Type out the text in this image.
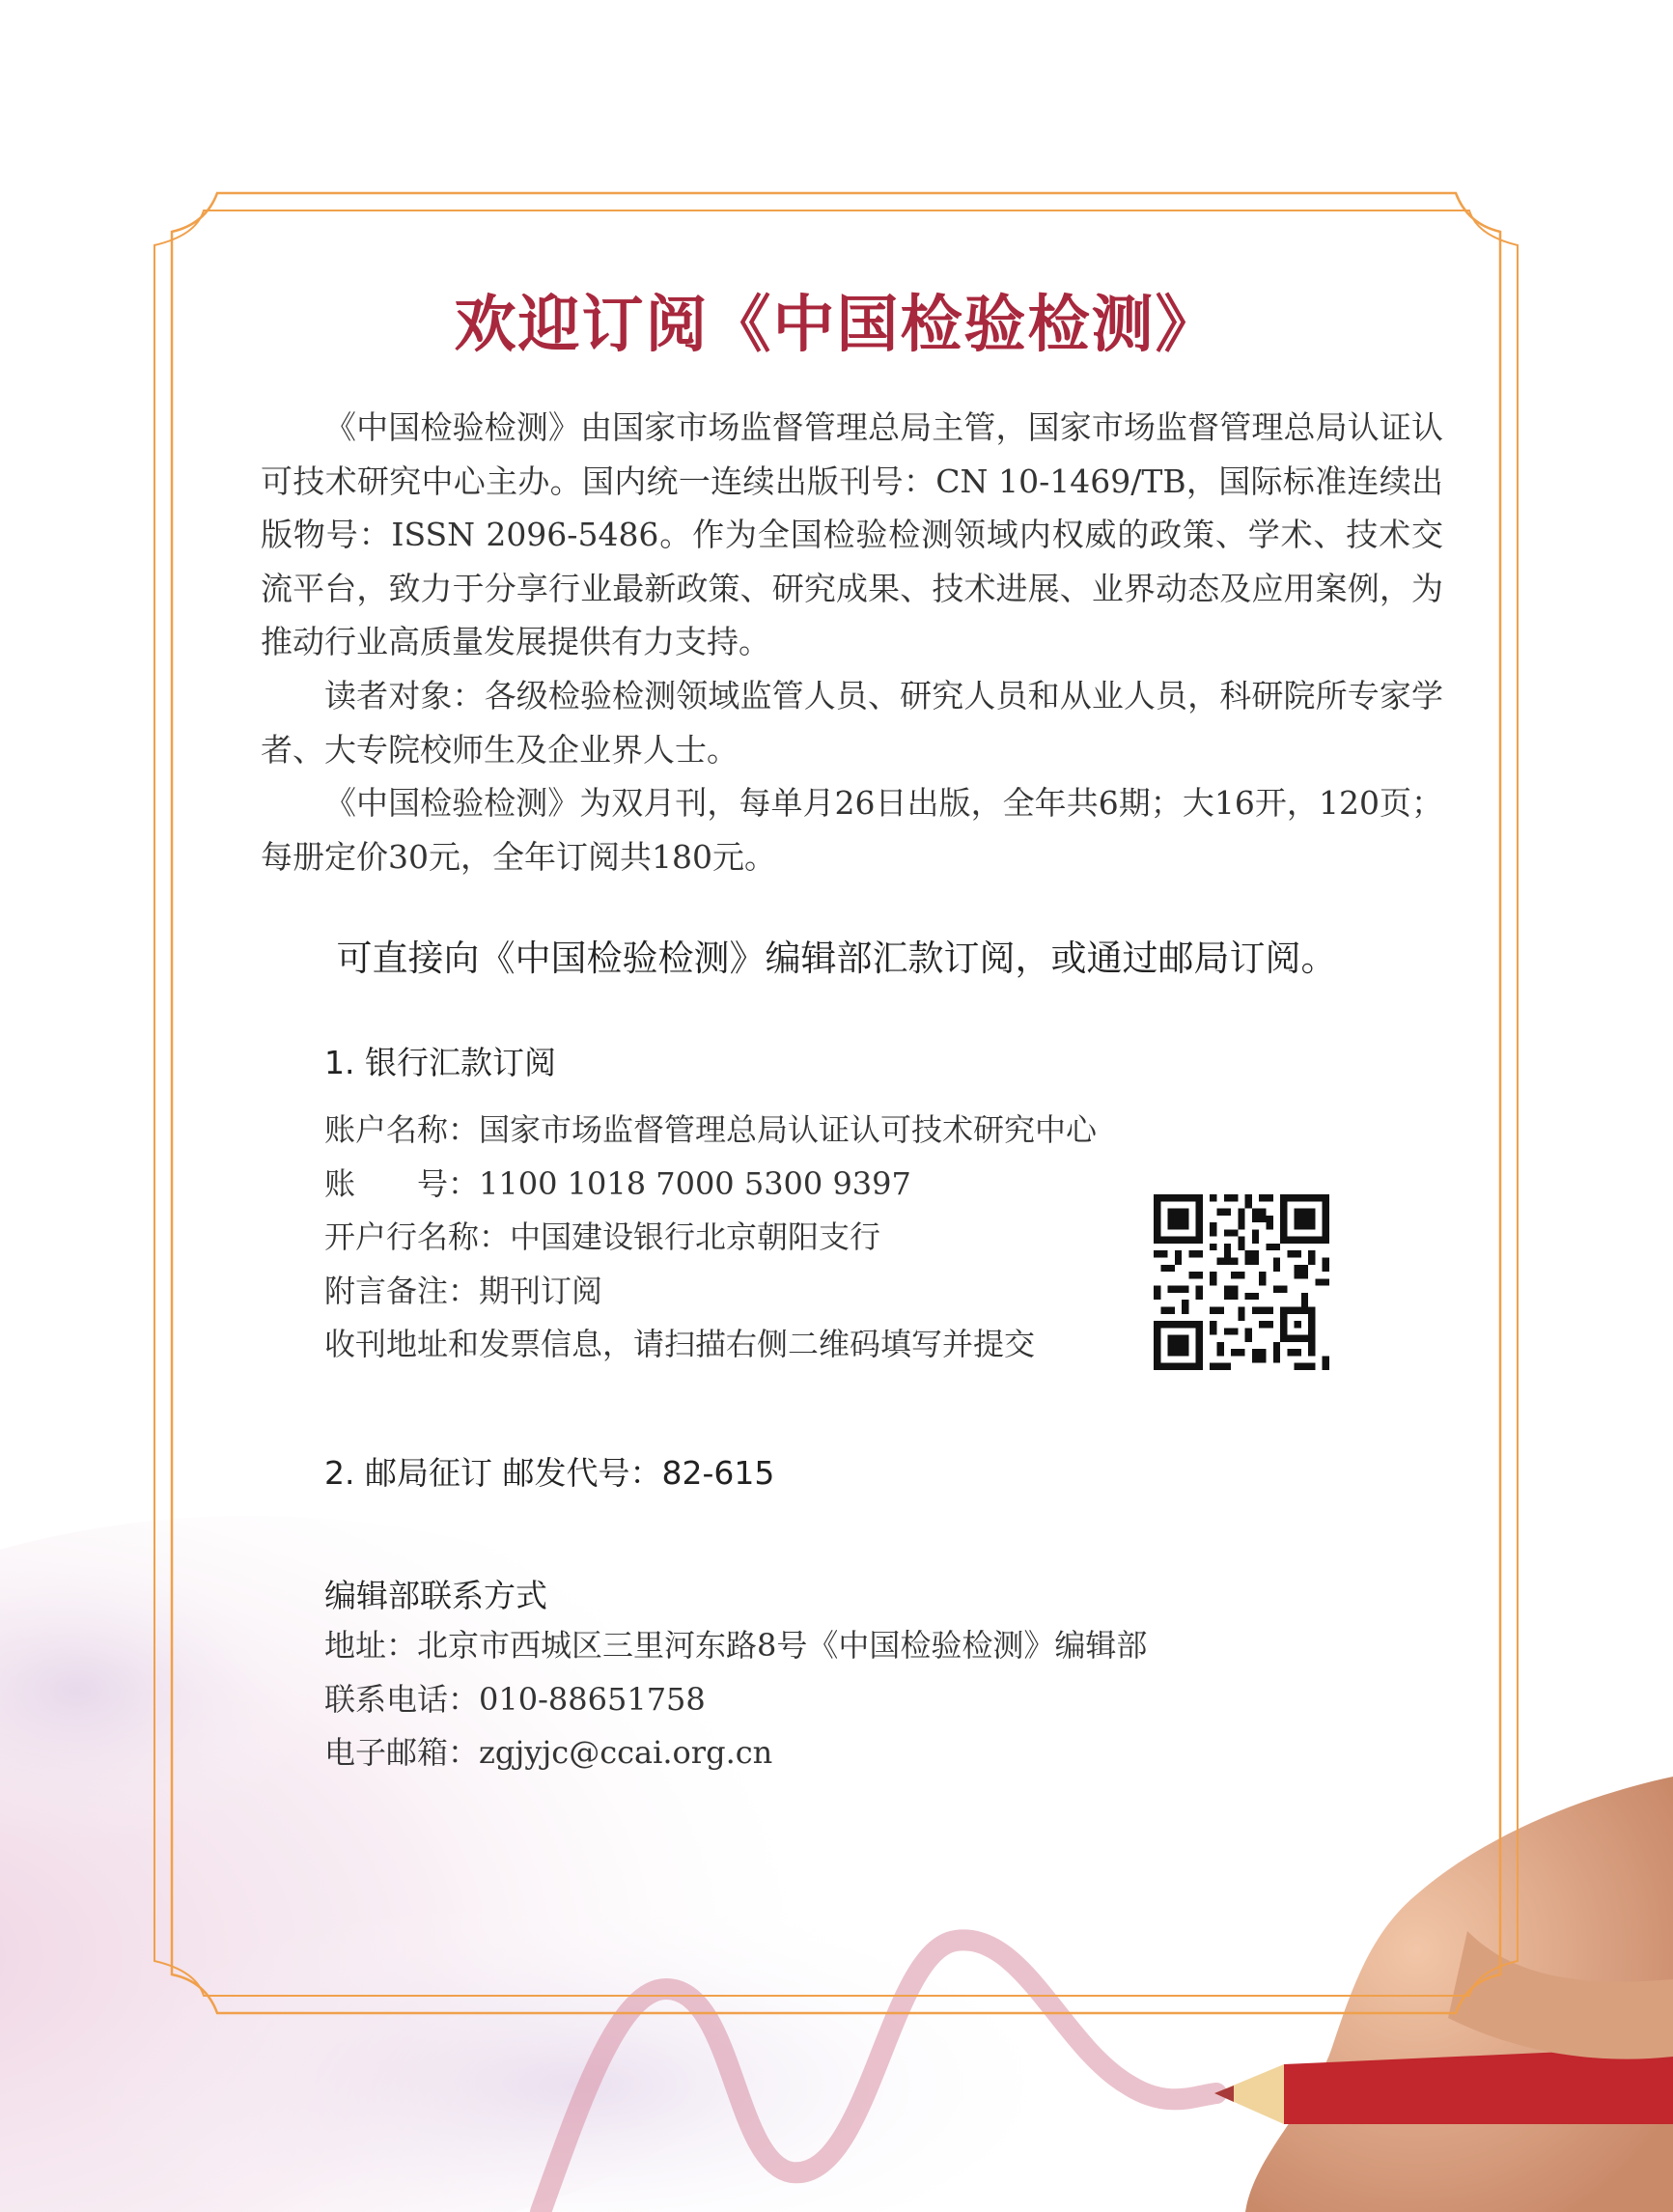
欢迎订阅《中国检验检测》

《中国检验检测》由国家市场监督管理总局主管，国家市场监督管理总局认证认可技术研究中心主办。国内统一连续出版刊号：CN 10-1469/TB，国际标准连续出版物号：ISSN 2096-5486。作为全国检验检测领域内权威的政策、学术、技术交流平台，致力于分享行业最新政策、研究成果、技术进展、业界动态及应用案例，为推动行业高质量发展提供有力支持。

读者对象：各级检验检测领域监管人员、研究人员和从业人员，科研院所专家学者、大专院校师生及企业界人士。

《中国检验检测》为双月刊，每单月26日出版，全年共6期；大16开，120页；每册定价30元，全年订阅共180元。

可直接向《中国检验检测》编辑部汇款订阅，或通过邮局订阅。
1. 银行汇款订阅
账户名称：国家市场监督管理总局认证认可技术研究中心
账　　号：1100 1018 7000 5300 9397
开户行名称：中国建设银行北京朝阳支行
附言备注：期刊订阅
收刊地址和发票信息，请扫描右侧二维码填写并提交
2. 邮局征订 邮发代号：82-615
编辑部联系方式
地址：北京市西城区三里河东路8号《中国检验检测》编辑部
联系电话：010-88651758
电子邮箱：zgjyjc@ccai.org.cn
